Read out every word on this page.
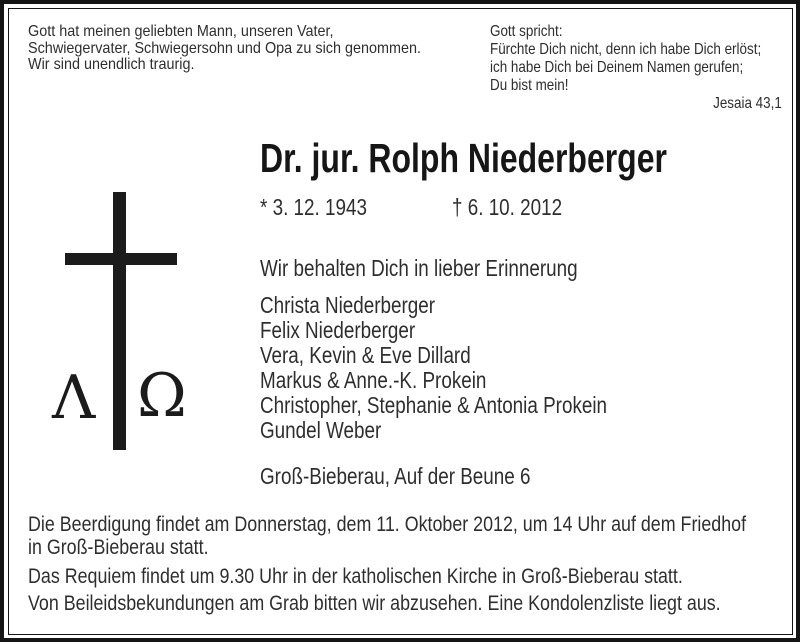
Gott hat meinen geliebten Mann, unseren Vater,
Schwiegervater, Schwiegersohn und Opa zu sich genommen.
Wir sind unendlich traurig.
Gott spricht:
Fürchte Dich nicht, denn ich habe Dich erlöst;
ich habe Dich bei Deinem Namen gerufen;
Du bist mein!
Jesaia 43,1
Λ Ω
Dr. jur. Rolph Niederberger
* 3. 12. 1943	† 6. 10. 2012
Wir behalten Dich in lieber Erinnerung
Christa Niederberger
Felix Niederberger
Vera, Kevin & Eve Dillard
Markus & Anne.-K. Prokein
Christopher, Stephanie & Antonia Prokein
Gundel Weber
Groß-Bieberau, Auf der Beune 6
Die Beerdigung findet am Donnerstag, dem 11. Oktober 2012, um 14 Uhr auf dem Friedhof
in Groß-Bieberau statt.
Das Requiem findet um 9.30 Uhr in der katholischen Kirche in Groß-Bieberau statt.
Von Beileidsbekundungen am Grab bitten wir abzusehen. Eine Kondolenzliste liegt aus.
